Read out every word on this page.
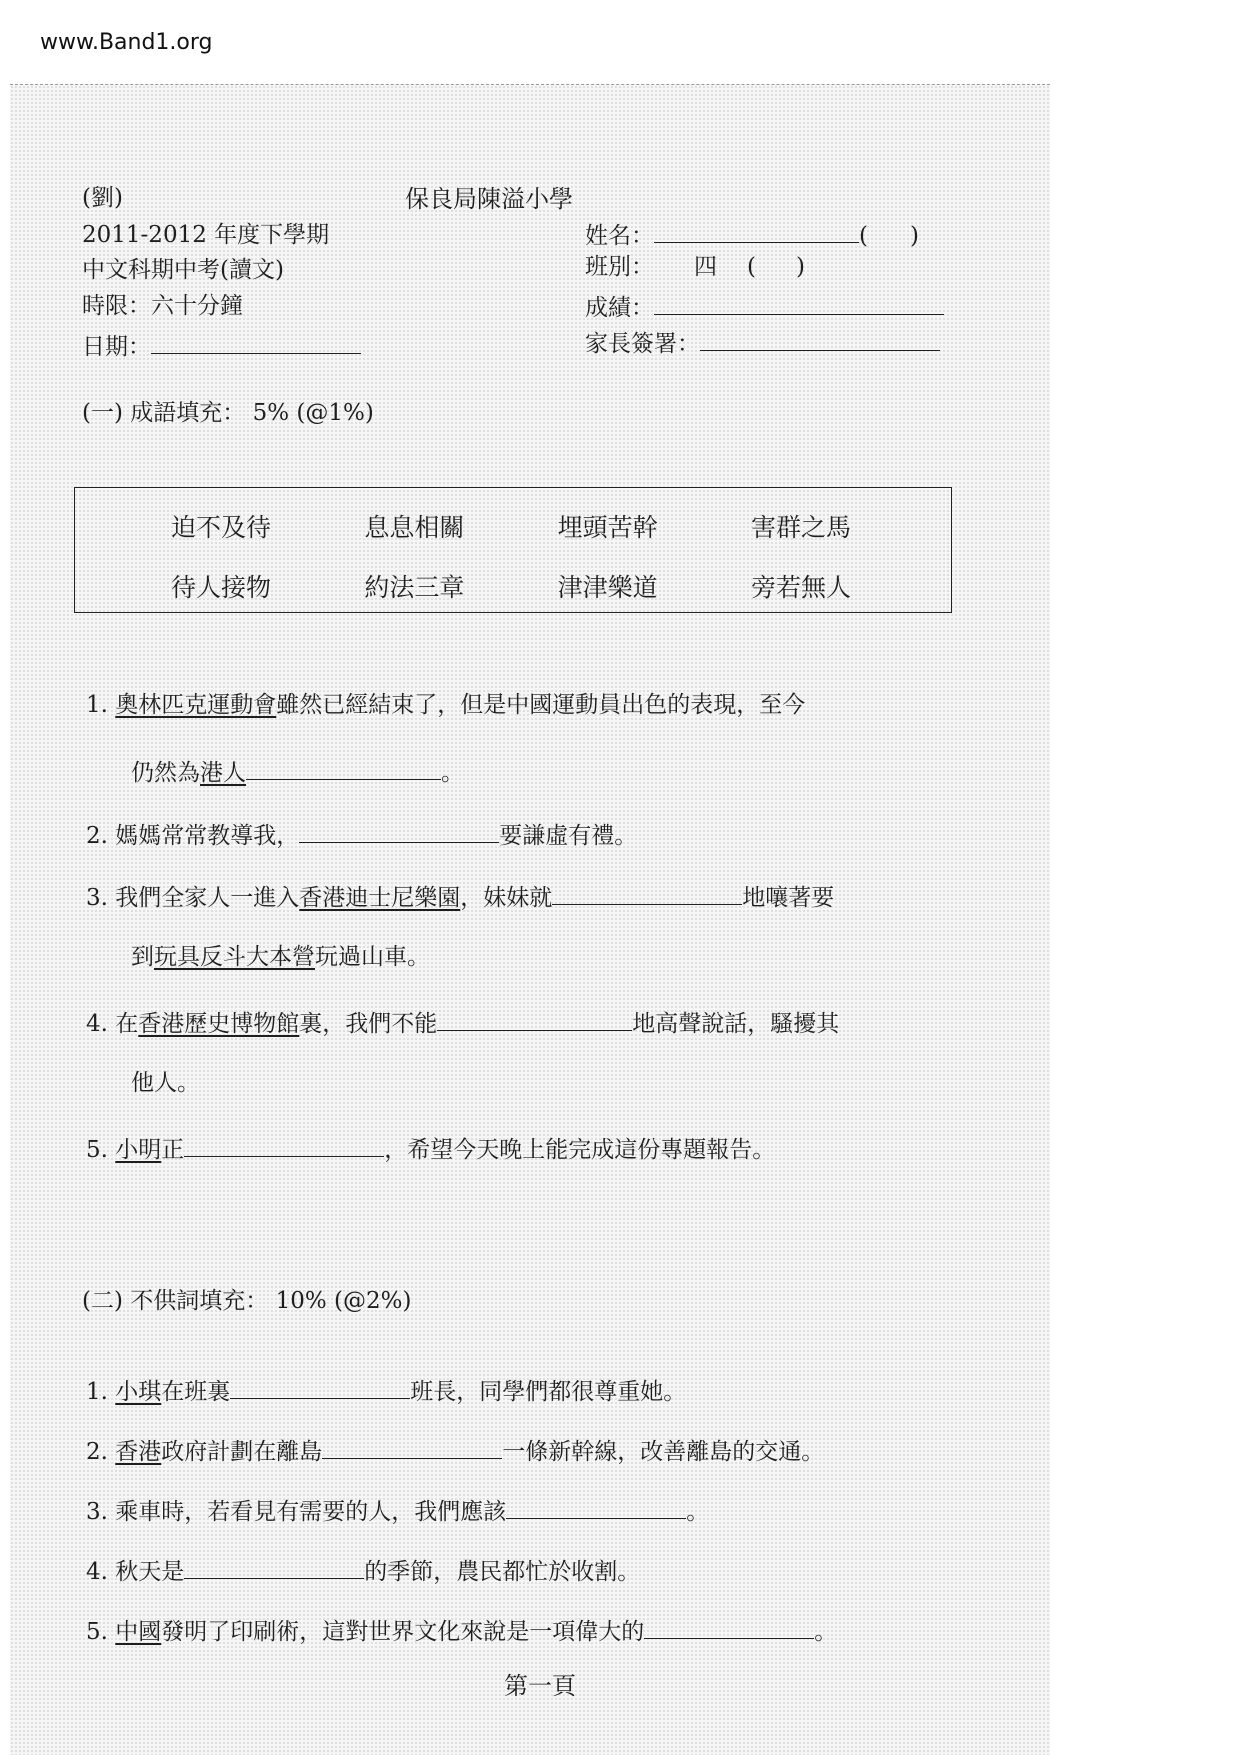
www.Band1.org
(劉)	保良局陳溢小學
2011-2012 年度下學期
中文科期中考(讀文)
時限：六十分鐘
日期：
姓名：	( )
班別： 四 ( )
成績：
家長簽署：
(一) 成語填充： 5% (@1%)
迫不及待	息息相關	埋頭苦幹	害群之馬
待人接物	約法三章	津津樂道	旁若無人
1. 奧林匹克運動會雖然已經結束了，但是中國運動員出色的表現，至今
仍然為港人	。
2. 媽媽常常教導我，	要謙虛有禮。
3. 我們全家人一進入香港迪士尼樂園，妹妹就	地嚷著要
到玩具反斗大本營玩過山車。
4. 在香港歷史博物館裏，我們不能	地高聲說話，騷擾其
他人。
5. 小明正	，希望今天晚上能完成這份專題報告。
(二) 不供詞填充： 10% (@2%)
1. 小琪在班裏	班長，同學們都很尊重她。
2. 香港政府計劃在離島	一條新幹線，改善離島的交通。
3. 乘車時，若看見有需要的人，我們應該	。
4. 秋天是	的季節，農民都忙於收割。
5. 中國發明了印刷術，這對世界文化來說是一項偉大的	。
第一頁
